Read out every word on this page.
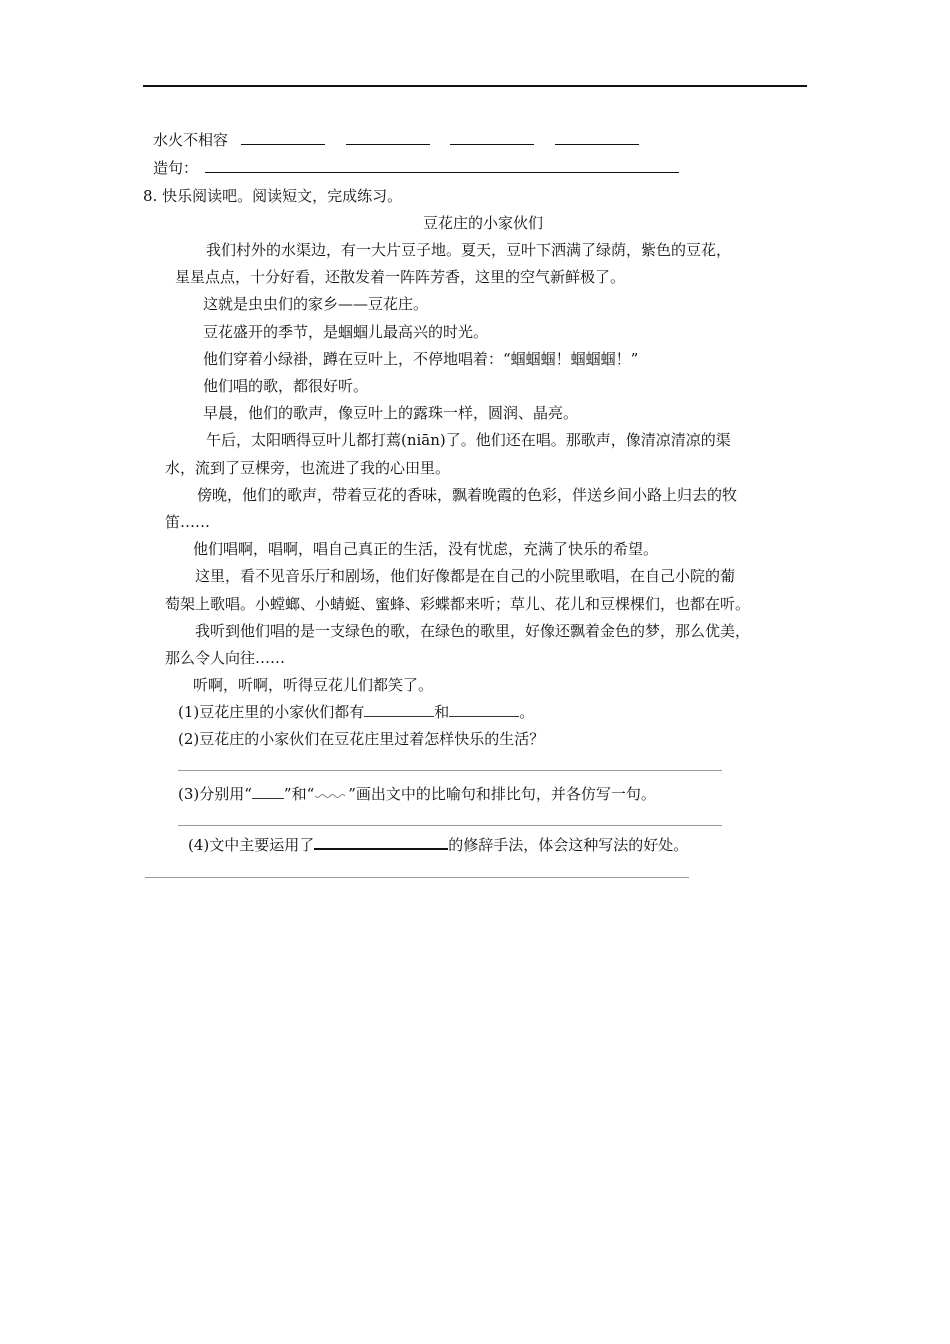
水火不相容
造句：
8. 快乐阅读吧。阅读短文，完成练习。
豆花庄的小家伙们
我们村外的水渠边，有一大片豆子地。夏天，豆叶下洒满了绿荫，紫色的豆花，
星星点点，十分好看，还散发着一阵阵芳香，这里的空气新鲜极了。
这就是虫虫们的家乡——豆花庄。
豆花盛开的季节，是蝈蝈儿最高兴的时光。
他们穿着小绿褂，蹲在豆叶上，不停地唱着：“蝈蝈蝈！蝈蝈蝈！”
他们唱的歌，都很好听。
早晨，他们的歌声，像豆叶上的露珠一样，圆润、晶亮。
午后，太阳晒得豆叶儿都打蔫(niān)了。他们还在唱。那歌声，像清凉清凉的渠
水，流到了豆棵旁，也流进了我的心田里。
傍晚，他们的歌声，带着豆花的香味，飘着晚霞的色彩，伴送乡间小路上归去的牧
笛……
他们唱啊，唱啊，唱自己真正的生活，没有忧虑，充满了快乐的希望。
这里，看不见音乐厅和剧场，他们好像都是在自己的小院里歌唱，在自己小院的葡
萄架上歌唱。小螳螂、小蜻蜓、蜜蜂、彩蝶都来听；草儿、花儿和豆棵棵们，也都在听。
我听到他们唱的是一支绿色的歌，在绿色的歌里，好像还飘着金色的梦，那么优美，
那么令人向往……
听啊，听啊，听得豆花儿们都笑了。
(1)豆花庄里的小家伙们都有	和	。
(2)豆花庄的小家伙们在豆花庄里过着怎样快乐的生活？
(3)分别用“ ”和“ ”画出文中的比喻句和排比句，并各仿写一句。
(4)文中主要运用了	的修辞手法，体会这种写法的好处。
